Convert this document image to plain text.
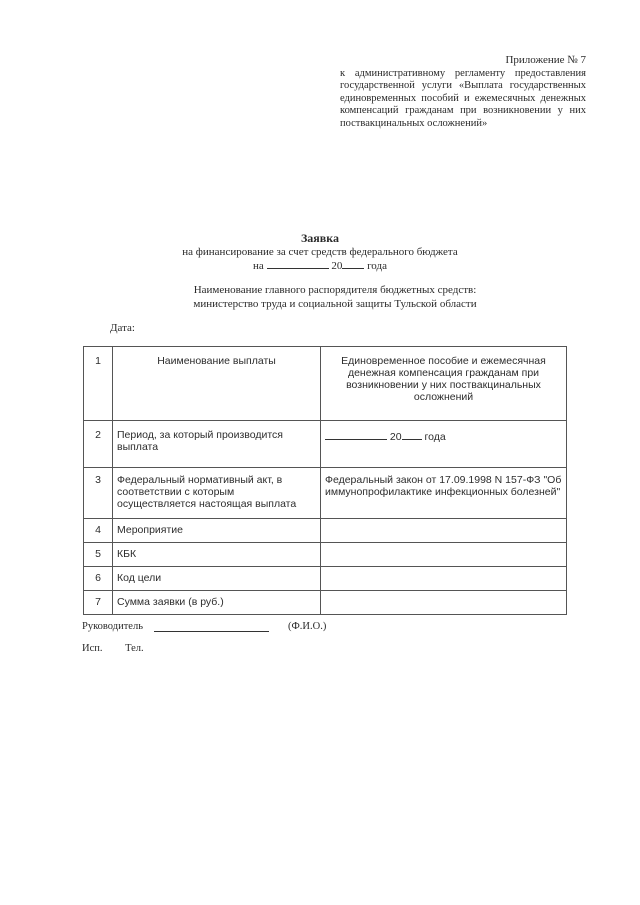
Приложение № 7
к административному регламенту предоставления государственной услуги «Выплата государственных единовременных пособий и ежемесячных денежных компенсаций гражданам при возникновении у них поствакцинальных осложнений»
Заявка
на финансирование за счет средств федерального бюджета
на	20 года
Наименование главного распорядителя бюджетных средств:
министерство труда и социальной защиты Тульской области
Дата:
1	Наименование выплаты	Единовременное пособие и ежемесячная денежная компенсация гражданам при возникновении у них поствакцинальных осложнений
2	Период, за который производится выплата	20 года
3	Федеральный нормативный акт, в соответствии с которым осуществляется настоящая выплата	Федеральный закон от 17.09.1998 N 157-ФЗ "Об иммунопрофилактике инфекционных болезней"
4	Мероприятие	
5	КБК	
6	Код цели	
7	Сумма заявки (в руб.)	
Руководитель	(Ф.И.О.)
Исп. Тел.
